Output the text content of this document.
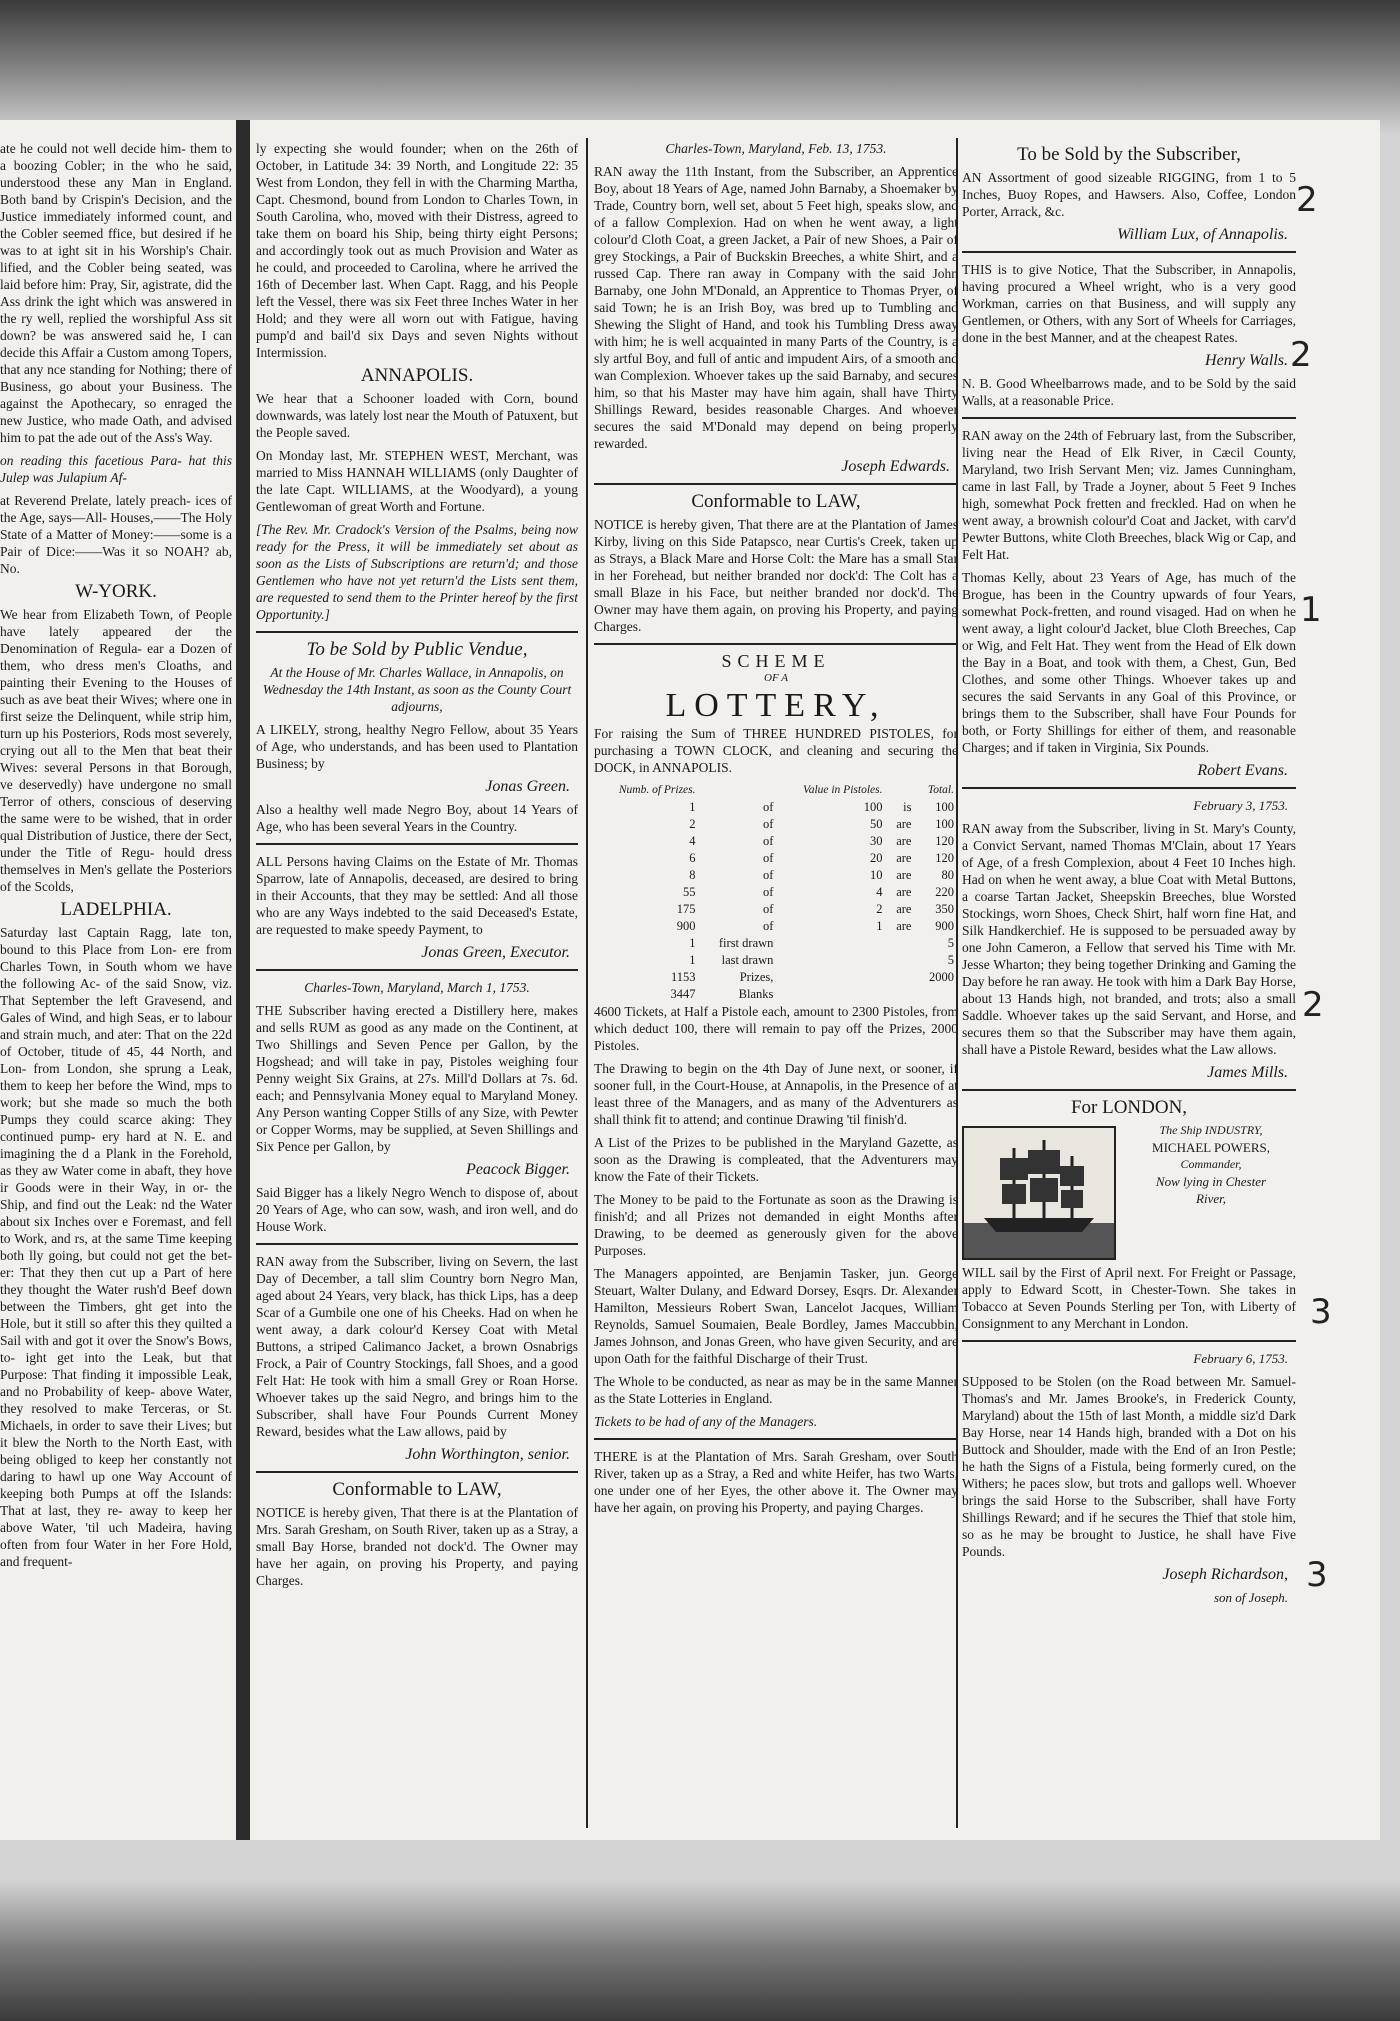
ate he could not well decide him- them to a boozing Cobler; in the who he said, understood these any Man in England. Both band by Crispin's Decision, and the Justice immediately informed count, and the Cobler seemed ffice, but desired if he was to at ight sit in his Worship's Chair. lified, and the Cobler being seated, was laid before him: Pray, Sir, agistrate, did the Ass drink the ight which was answered in the ry well, replied the worshipful Ass sit down? be was answered said he, I can decide this Affair a Custom among Topers, that any nce standing for Nothing; there of Business, go about your Business. The against the Apothecary, so enraged the new Justice, who made Oath, and advised him to pat the ade out of the Ass's Way.

on reading this facetious Para- hat this Julep was Julapium Af-

at Reverend Prelate, lately preach- ices of the Age, says—All- Houses,——The Holy State of a Matter of Money:——some is a Pair of Dice:——Was it so NOAH? ab, No.

W-YORK.

We hear from Elizabeth Town, of People have lately appeared der the Denomination of Regula- ear a Dozen of them, who dress men's Cloaths, and painting their Evening to the Houses of such as ave beat their Wives; where one in first seize the Delinquent, while strip him, turn up his Posteriors, Rods most severely, crying out all to the Men that beat their Wives: several Persons in that Borough, ve deservedly) have undergone no small Terror of others, conscious of deserving the same were to be wished, that in order qual Distribution of Justice, there der Sect, under the Title of Regu- hould dress themselves in Men's gellate the Posteriors of the Scolds,

LADELPHIA.

Saturday last Captain Ragg, late ton, bound to this Place from Lon- ere from Charles Town, in South whom we have the following Ac- of the said Snow, viz. That September the left Gravesend, and Gales of Wind, and high Seas, er to labour and strain much, and ater: That on the 22d of October, titude of 45, 44 North, and Lon- from London, she sprung a Leak, them to keep her before the Wind, mps to work; but she made so much the both Pumps they could scarce aking: They continued pump- ery hard at N. E. and imagining the d a Plank in the Forehold, as they aw Water come in abaft, they hove ir Goods were in their Way, in or- the Ship, and find out the Leak: nd the Water about six Inches over e Foremast, and fell to Work, and rs, at the same Time keeping both lly going, but could not get the bet- er: That they then cut up a Part of here they thought the Water rush'd Beef down between the Timbers, ght get into the Hole, but it still so after this they quilted a Sail with and got it over the Snow's Bows, to- ight get into the Leak, but that Purpose: That finding it impossible Leak, and no Probability of keep- above Water, they resolved to make Terceras, or St. Michaels, in order to save their Lives; but it blew the North to the North East, with being obliged to keep her constantly not daring to hawl up one Way Account of keeping both Pumps at off the Islands: That at last, they re- away to keep her above Water, 'til uch Madeira, having often from four Water in her Fore Hold, and frequent-

ly expecting she would founder; when on the 26th of October, in Latitude 34: 39 North, and Longitude 22: 35 West from London, they fell in with the Charming Martha, Capt. Chesmond, bound from London to Charles Town, in South Carolina, who, moved with their Distress, agreed to take them on board his Ship, being thirty eight Persons; and accordingly took out as much Provision and Water as he could, and proceeded to Carolina, where he arrived the 16th of December last. When Capt. Ragg, and his People left the Vessel, there was six Feet three Inches Water in her Hold; and they were all worn out with Fatigue, having pump'd and bail'd six Days and seven Nights without Intermission.

ANNAPOLIS.

We hear that a Schooner loaded with Corn, bound downwards, was lately lost near the Mouth of Patuxent, but the People saved.

On Monday last, Mr. STEPHEN WEST, Merchant, was married to Miss HANNAH WILLIAMS (only Daughter of the late Capt. WILLIAMS, at the Woodyard), a young Gentlewoman of great Worth and Fortune.

[The Rev. Mr. Cradock's Version of the Psalms, being now ready for the Press, it will be immediately set about as soon as the Lists of Subscriptions are return'd; and those Gentlemen who have not yet return'd the Lists sent them, are requested to send them to the Printer hereof by the first Opportunity.]

To be Sold by Public Vendue,

At the House of Mr. Charles Wallace, in Annapolis, on Wednesday the 14th Instant, as soon as the County Court adjourns,

A LIKELY, strong, healthy Negro Fellow, about 35 Years of Age, who understands, and has been used to Plantation Business; by

Jonas Green.

Also a healthy well made Negro Boy, about 14 Years of Age, who has been several Years in the Country.

ALL Persons having Claims on the Estate of Mr. Thomas Sparrow, late of Annapolis, deceased, are desired to bring in their Accounts, that they may be settled: And all those who are any Ways indebted to the said Deceased's Estate, are requested to make speedy Payment, to

Jonas Green, Executor.

Charles-Town, Maryland, March 1, 1753.

THE Subscriber having erected a Distillery here, makes and sells RUM as good as any made on the Continent, at Two Shillings and Seven Pence per Gallon, by the Hogshead; and will take in pay, Pistoles weighing four Penny weight Six Grains, at 27s. Mill'd Dollars at 7s. 6d. each; and Pennsylvania Money equal to Maryland Money. Any Person wanting Copper Stills of any Size, with Pewter or Copper Worms, may be supplied, at Seven Shillings and Six Pence per Gallon, by

Peacock Bigger.

Said Bigger has a likely Negro Wench to dispose of, about 20 Years of Age, who can sow, wash, and iron well, and do House Work.

RAN away from the Subscriber, living on Severn, the last Day of December, a tall slim Country born Negro Man, aged about 24 Years, very black, has thick Lips, has a deep Scar of a Gumbile one one of his Cheeks. Had on when he went away, a dark colour'd Kersey Coat with Metal Buttons, a striped Calimanco Jacket, a brown Osnabrigs Frock, a Pair of Country Stockings, fall Shoes, and a good Felt Hat: He took with him a small Grey or Roan Horse. Whoever takes up the said Negro, and brings him to the Subscriber, shall have Four Pounds Current Money Reward, besides what the Law allows, paid by

John Worthington, senior.
Conformable to LAW,

NOTICE is hereby given, That there is at the Plantation of Mrs. Sarah Gresham, on South River, taken up as a Stray, a small Bay Horse, branded not dock'd. The Owner may have her again, on proving his Property, and paying Charges.

Charles-Town, Maryland, Feb. 13, 1753.

RAN away the 11th Instant, from the Subscriber, an Apprentice Boy, about 18 Years of Age, named John Barnaby, a Shoemaker by Trade, Country born, well set, about 5 Feet high, speaks slow, and of a fallow Complexion. Had on when he went away, a light colour'd Cloth Coat, a green Jacket, a Pair of new Shoes, a Pair of grey Stockings, a Pair of Buckskin Breeches, a white Shirt, and a russed Cap. There ran away in Company with the said John Barnaby, one John M'Donald, an Apprentice to Thomas Pryer, of said Town; he is an Irish Boy, was bred up to Tumbling and Shewing the Slight of Hand, and took his Tumbling Dress away with him; he is well acquainted in many Parts of the Country, is a sly artful Boy, and full of antic and impudent Airs, of a smooth and wan Complexion. Whoever takes up the said Barnaby, and secures him, so that his Master may have him again, shall have Thirty Shillings Reward, besides reasonable Charges. And whoever secures the said M'Donald may depend on being properly rewarded.

Joseph Edwards.
Conformable to LAW,

NOTICE is hereby given, That there are at the Plantation of James Kirby, living on this Side Patapsco, near Curtis's Creek, taken up as Strays, a Black Mare and Horse Colt: the Mare has a small Star in her Forehead, but neither branded nor dock'd: The Colt has a small Blaze in his Face, but neither branded nor dock'd. The Owner may have them again, on proving his Property, and paying Charges.

SCHEME
OF A
LOTTERY,

For raising the Sum of THREE HUNDRED PISTOLES, for purchasing a TOWN CLOCK, and cleaning and securing the DOCK, in ANNAPOLIS.

Numb. of Prizes.		Value in Pistoles.		Total.
1	of	100	is	100
2	of	50	are	100
4	of	30	are	120
6	of	20	are	120
8	of	10	are	80
55	of	4	are	220
175	of	2	are	350
900	of	1	are	900
1	first drawn			5
1	last drawn			5
1153	Prizes,			2000
3447	Blanks			

4600 Tickets, at Half a Pistole each, amount to 2300 Pistoles, from which deduct 100, there will remain to pay off the Prizes, 2000 Pistoles.

The Drawing to begin on the 4th Day of June next, or sooner, if sooner full, in the Court-House, at Annapolis, in the Presence of at least three of the Managers, and as many of the Adventurers as shall think fit to attend; and continue Drawing 'til finish'd.

A List of the Prizes to be published in the Maryland Gazette, as soon as the Drawing is compleated, that the Adventurers may know the Fate of their Tickets.

The Money to be paid to the Fortunate as soon as the Drawing is finish'd; and all Prizes not demanded in eight Months after Drawing, to be deemed as generously given for the above Purposes.

The Managers appointed, are Benjamin Tasker, jun. George Steuart, Walter Dulany, and Edward Dorsey, Esqrs. Dr. Alexander Hamilton, Messieurs Robert Swan, Lancelot Jacques, William Reynolds, Samuel Soumaien, Beale Bordley, James Maccubbin, James Johnson, and Jonas Green, who have given Security, and are upon Oath for the faithful Discharge of their Trust.

The Whole to be conducted, as near as may be in the same Manner as the State Lotteries in England.

Tickets to be had of any of the Managers.

THERE is at the Plantation of Mrs. Sarah Gresham, over South River, taken up as a Stray, a Red and white Heifer, has two Warts, one under one of her Eyes, the other above it. The Owner may have her again, on proving his Property, and paying Charges.

To be Sold by the Subscriber,

AN Assortment of good sizeable RIGGING, from 1 to 5 Inches, Buoy Ropes, and Hawsers. Also, Coffee, London Porter, Arrack, &c.

William Lux, of Annapolis.

THIS is to give Notice, That the Subscriber, in Annapolis, having procured a Wheel wright, who is a very good Workman, carries on that Business, and will supply any Gentlemen, or Others, with any Sort of Wheels for Carriages, done in the best Manner, and at the cheapest Rates.

Henry Walls.

N. B. Good Wheelbarrows made, and to be Sold by the said Walls, at a reasonable Price.

RAN away on the 24th of February last, from the Subscriber, living near the Head of Elk River, in Cæcil County, Maryland, two Irish Servant Men; viz. James Cunningham, came in last Fall, by Trade a Joyner, about 5 Feet 9 Inches high, somewhat Pock fretten and freckled. Had on when he went away, a brownish colour'd Coat and Jacket, with carv'd Pewter Buttons, white Cloth Breeches, black Wig or Cap, and Felt Hat.

Thomas Kelly, about 23 Years of Age, has much of the Brogue, has been in the Country upwards of four Years, somewhat Pock-fretten, and round visaged. Had on when he went away, a light colour'd Jacket, blue Cloth Breeches, Cap or Wig, and Felt Hat. They went from the Head of Elk down the Bay in a Boat, and took with them, a Chest, Gun, Bed Clothes, and some other Things. Whoever takes up and secures the said Servants in any Goal of this Province, or brings them to the Subscriber, shall have Four Pounds for both, or Forty Shillings for either of them, and reasonable Charges; and if taken in Virginia, Six Pounds.

Robert Evans.
February 3, 1753.

RAN away from the Subscriber, living in St. Mary's County, a Convict Servant, named Thomas M'Clain, about 17 Years of Age, of a fresh Complexion, about 4 Feet 10 Inches high. Had on when he went away, a blue Coat with Metal Buttons, a coarse Tartan Jacket, Sheepskin Breeches, blue Worsted Stockings, worn Shoes, Check Shirt, half worn fine Hat, and Silk Handkerchief. He is supposed to be persuaded away by one John Cameron, a Fellow that served his Time with Mr. Jesse Wharton; they being together Drinking and Gaming the Day before he ran away. He took with him a Dark Bay Horse, about 13 Hands high, not branded, and trots; also a small Saddle. Whoever takes up the said Servant, and Horse, and secures them so that the Subscriber may have them again, shall have a Pistole Reward, besides what the Law allows.

James Mills.
For LONDON,
The Ship INDUSTRY,
MICHAEL POWERS,
Commander,
Now lying in Chester
River,

WILL sail by the First of April next. For Freight or Passage, apply to Edward Scott, in Chester-Town. She takes in Tobacco at Seven Pounds Sterling per Ton, with Liberty of Consignment to any Merchant in London.

February 6, 1753.

SUpposed to be Stolen (on the Road between Mr. Samuel-Thomas's and Mr. James Brooke's, in Frederick County, Maryland) about the 15th of last Month, a middle siz'd Dark Bay Horse, near 14 Hands high, branded with a Dot on his Buttock and Shoulder, made with the End of an Iron Pestle; he hath the Signs of a Fistula, being formerly cured, on the Withers; he paces slow, but trots and gallops well. Whoever brings the said Horse to the Subscriber, shall have Forty Shillings Reward; and if he secures the Thief that stole him, so as he may be brought to Justice, he shall have Five Pounds.

Joseph Richardson,
son of Joseph.
2
2
1
2
3
3
